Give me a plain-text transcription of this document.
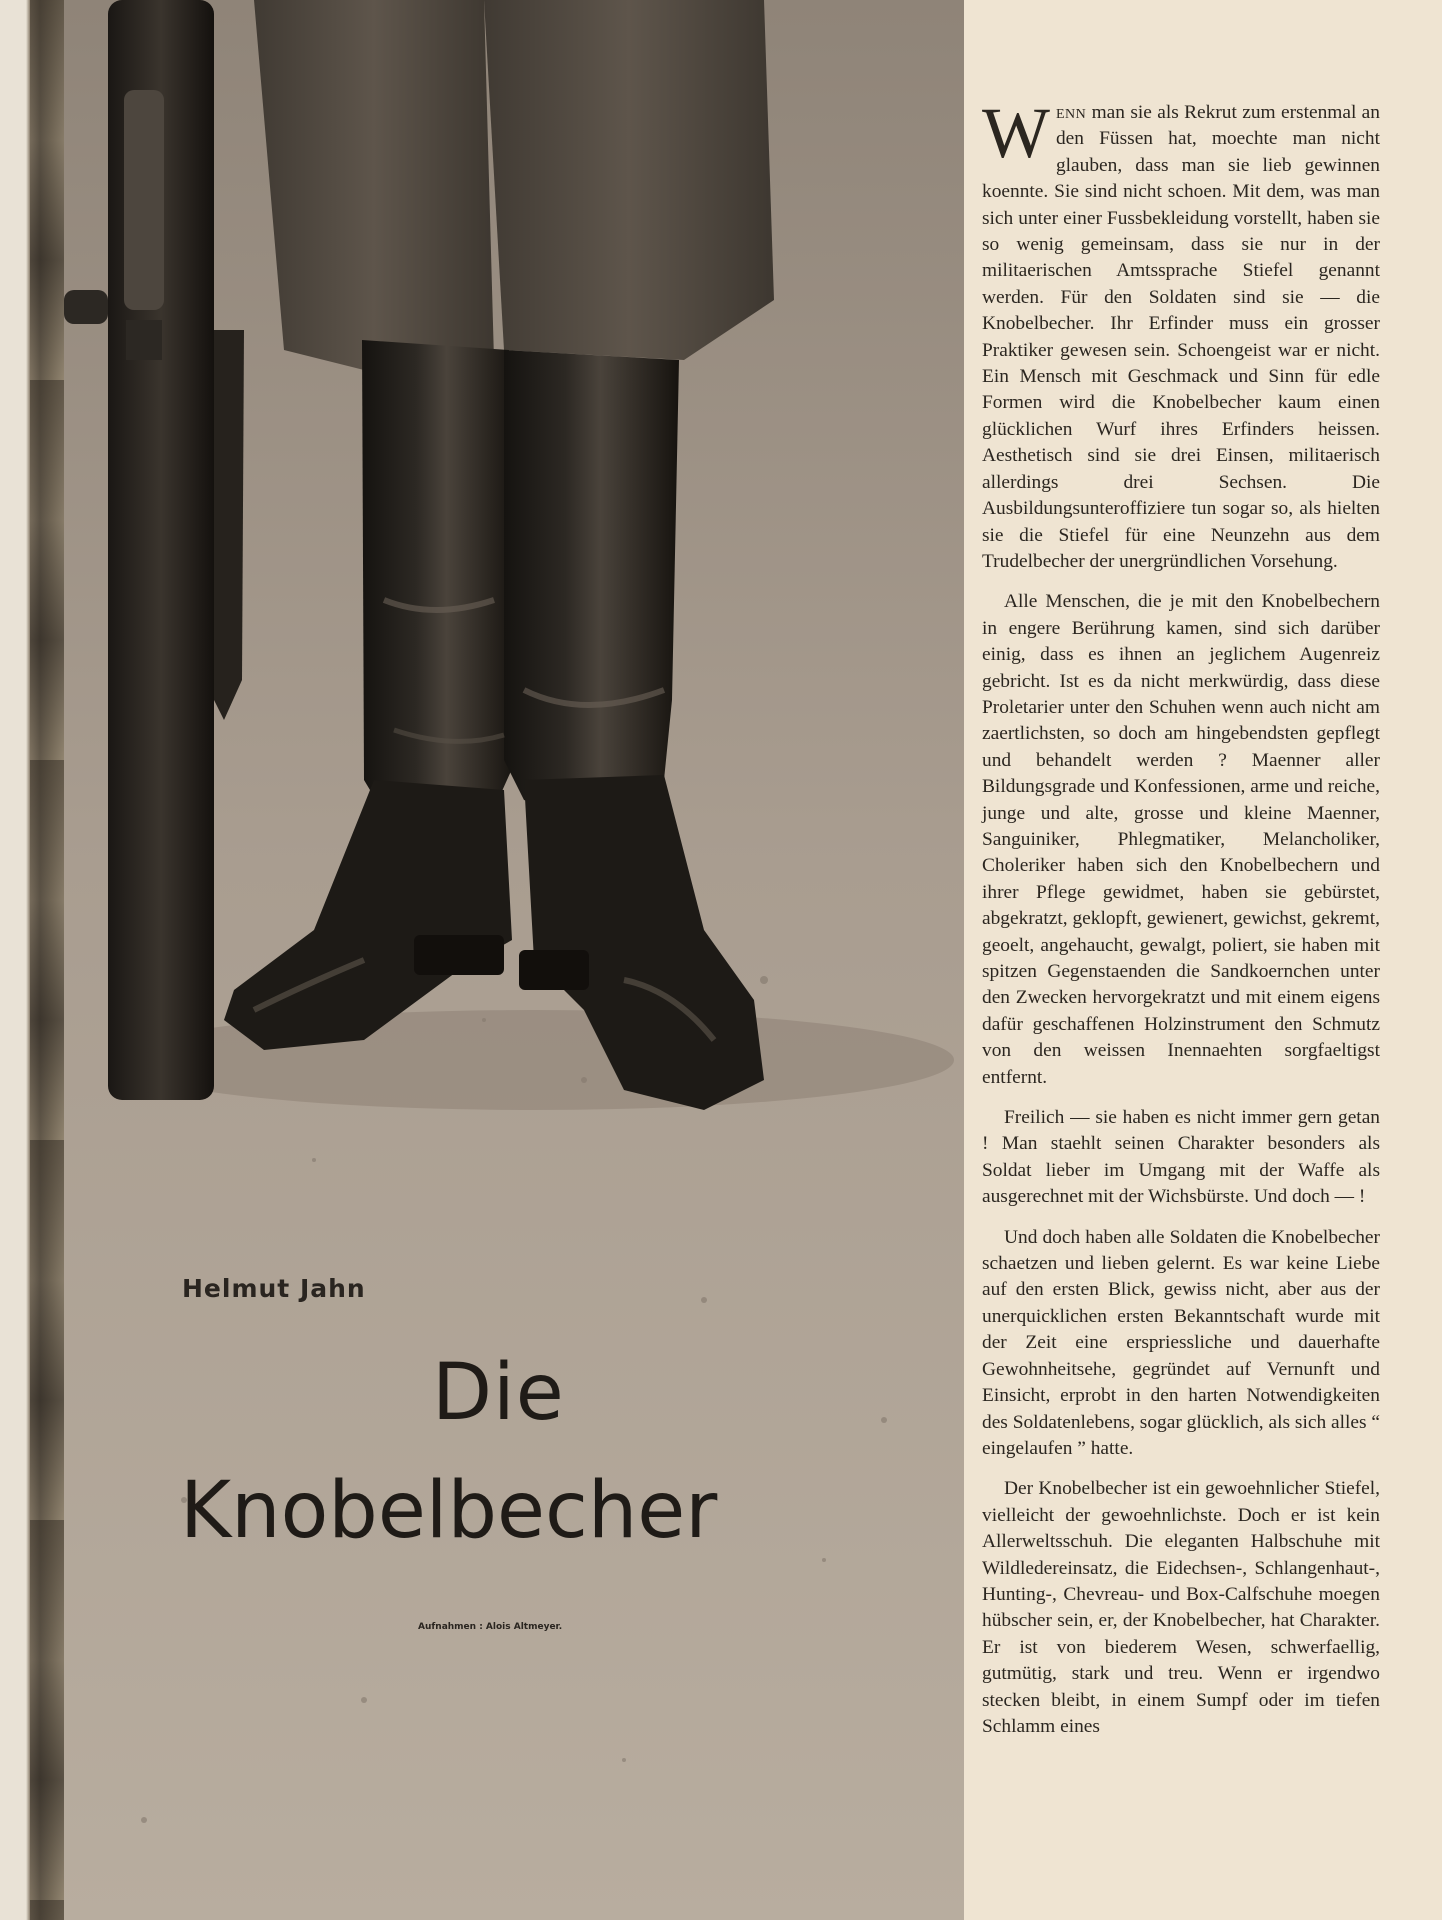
Helmut Jahn
Die
Knobelbecher
Aufnahmen : Alois Altmeyer.

Wenn man sie als Rekrut zum erstenmal an den Füssen hat, moechte man nicht glauben, dass man sie lieb gewinnen koennte. Sie sind nicht schoen. Mit dem, was man sich unter einer Fussbekleidung vorstellt, haben sie so wenig gemeinsam, dass sie nur in der militaerischen Amtssprache Stiefel genannt werden. Für den Soldaten sind sie — die Knobelbecher. Ihr Erfinder muss ein grosser Praktiker gewesen sein. Schoengeist war er nicht. Ein Mensch mit Geschmack und Sinn für edle Formen wird die Knobelbecher kaum einen glücklichen Wurf ihres Erfinders heissen. Aesthetisch sind sie drei Einsen, militaerisch allerdings drei Sechsen. Die Ausbildungsunteroffiziere tun sogar so, als hielten sie die Stiefel für eine Neunzehn aus dem Trudelbecher der unergründlichen Vorsehung.

Alle Menschen, die je mit den Knobelbechern in engere Berührung kamen, sind sich darüber einig, dass es ihnen an jeglichem Augenreiz gebricht. Ist es da nicht merkwürdig, dass diese Proletarier unter den Schuhen wenn auch nicht am zaertlichsten, so doch am hingebendsten gepflegt und behandelt werden ? Maenner aller Bildungsgrade und Konfessionen, arme und reiche, junge und alte, grosse und kleine Maenner, Sanguiniker, Phlegmatiker, Melancholiker, Choleriker haben sich den Knobelbechern und ihrer Pflege gewidmet, haben sie gebürstet, abgekratzt, geklopft, gewienert, gewichst, gekremt, geoelt, angehaucht, gewalgt, poliert, sie haben mit spitzen Gegenstaenden die Sandkoernchen unter den Zwecken hervorgekratzt und mit einem eigens dafür geschaffenen Holzinstrument den Schmutz von den weissen Inennaehten sorgfaeltigst entfernt.

Freilich — sie haben es nicht immer gern getan ! Man staehlt seinen Charakter besonders als Soldat lieber im Umgang mit der Waffe als ausgerechnet mit der Wichsbürste. Und doch — !

Und doch haben alle Soldaten die Knobelbecher schaetzen und lieben gelernt. Es war keine Liebe auf den ersten Blick, gewiss nicht, aber aus der unerquicklichen ersten Bekanntschaft wurde mit der Zeit eine erspriessliche und dauerhafte Gewohnheitsehe, gegründet auf Vernunft und Einsicht, erprobt in den harten Notwendigkeiten des Soldatenlebens, sogar glücklich, als sich alles “ eingelaufen ” hatte.

Der Knobelbecher ist ein gewoehnlicher Stiefel, vielleicht der gewoehnlichste. Doch er ist kein Allerweltsschuh. Die eleganten Halbschuhe mit Wildledereinsatz, die Eidechsen-, Schlangenhaut-, Hunting-, Chevreau- und Box-Calfschuhe moegen hübscher sein, er, der Knobelbecher, hat Charakter. Er ist von biederem Wesen, schwerfaellig, gutmütig, stark und treu. Wenn er irgendwo stecken bleibt, in einem Sumpf oder im tiefen Schlamm eines
